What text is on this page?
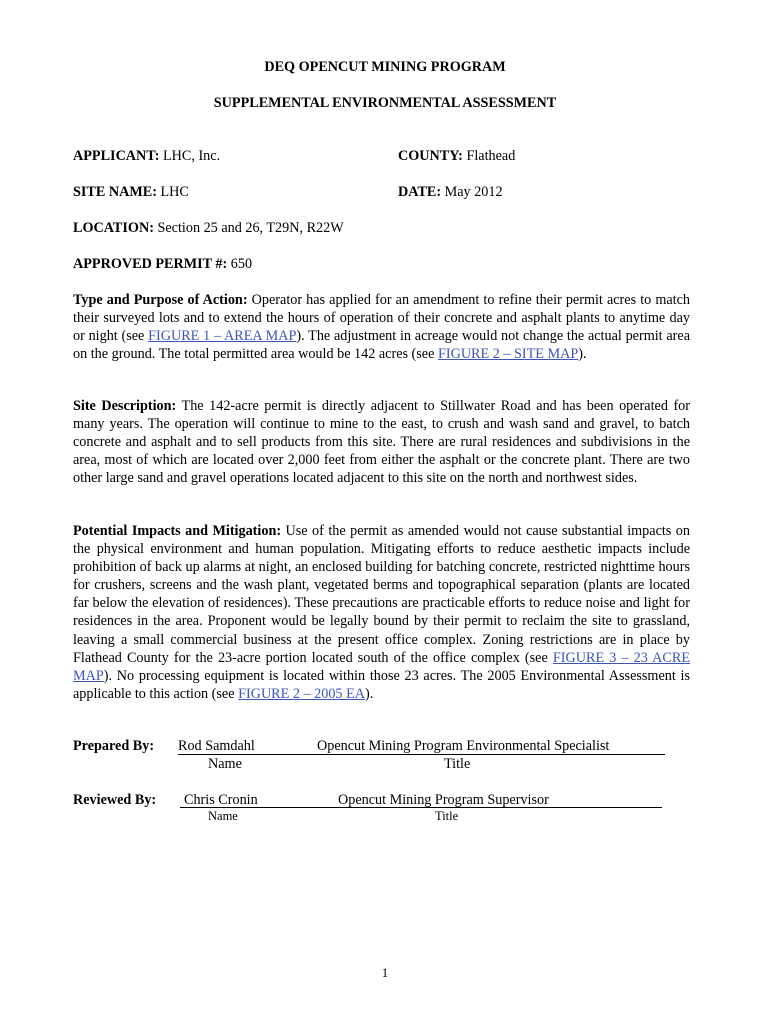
DEQ OPENCUT MINING PROGRAM
SUPPLEMENTAL ENVIRONMENTAL ASSESSMENT
APPLICANT: LHC, Inc.	COUNTY: Flathead
SITE NAME: LHC	DATE: May 2012
LOCATION: Section 25 and 26, T29N, R22W
APPROVED PERMIT #: 650
Type and Purpose of Action: Operator has applied for an amendment to refine their permit acres to match their surveyed lots and to extend the hours of operation of their concrete and asphalt plants to anytime day or night (see FIGURE 1 – AREA MAP). The adjustment in acreage would not change the actual permit area on the ground. The total permitted area would be 142 acres (see FIGURE 2 – SITE MAP).
Site Description: The 142-acre permit is directly adjacent to Stillwater Road and has been operated for many years. The operation will continue to mine to the east, to crush and wash sand and gravel, to batch concrete and asphalt and to sell products from this site. There are rural residences and subdivisions in the area, most of which are located over 2,000 feet from either the asphalt or the concrete plant. There are two other large sand and gravel operations located adjacent to this site on the north and northwest sides.
Potential Impacts and Mitigation: Use of the permit as amended would not cause substantial impacts on the physical environment and human population. Mitigating efforts to reduce aesthetic impacts include prohibition of back up alarms at night, an enclosed building for batching concrete, restricted nighttime hours for crushers, screens and the wash plant, vegetated berms and topographical separation (plants are located far below the elevation of residences). These precautions are practicable efforts to reduce noise and light for residences in the area. Proponent would be legally bound by their permit to reclaim the site to grassland, leaving a small commercial business at the present office complex. Zoning restrictions are in place by Flathead County for the 23-acre portion located south of the office complex (see FIGURE 3 – 23 ACRE MAP). No processing equipment is located within those 23 acres. The 2005 Environmental Assessment is applicable to this action (see FIGURE 2 – 2005 EA).
Prepared By: Rod Samdahl	Opencut Mining Program Environmental Specialist
Name	Title
Reviewed By: Chris Cronin	Opencut Mining Program Supervisor
Name	Title
1
